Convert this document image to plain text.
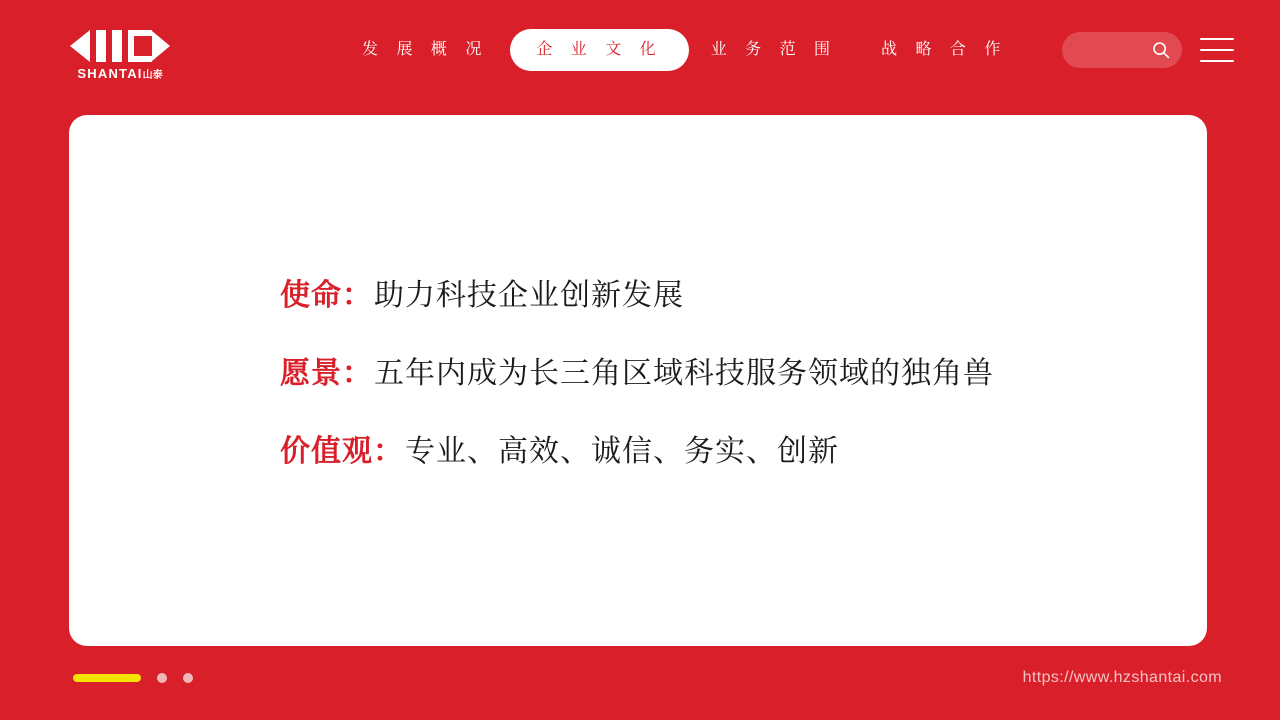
SHANTAI山泰
发 展 概 况	企 业 文 化	业 务 范 围	战 略 合 作
使命 ： 助力科技企业创新发展
愿景 ： 五年内成为长三角区域科技服务领域的独角兽
价值观 ： 专业、高效、诚信、务实、创新
https://www.hzshantai.com
